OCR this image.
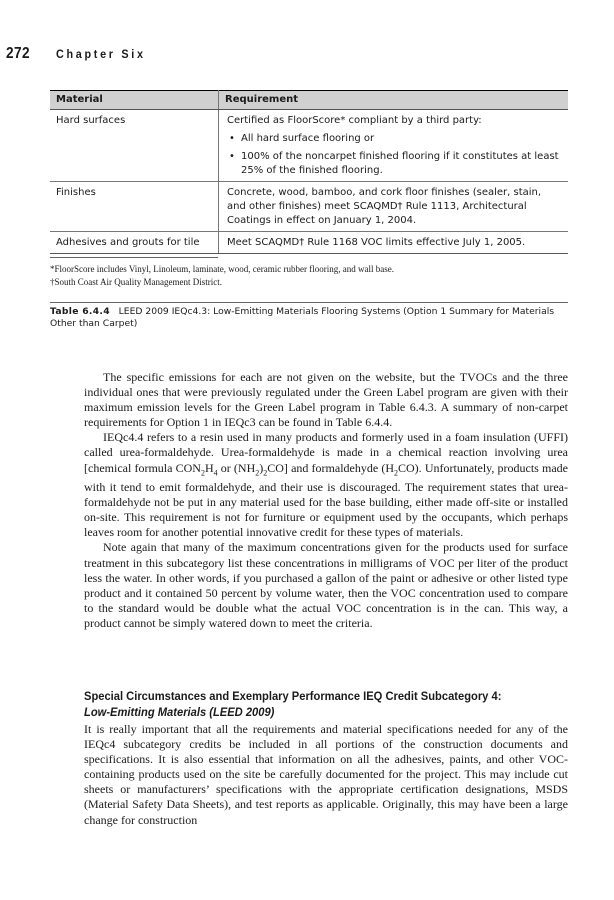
272 Chapter Six
Material	Requirement
Hard surfaces	Certified as FloorScore* compliant by a third party:
• All hard surface flooring or
• 100% of the noncarpet finished flooring if it constitutes at least 25% of the finished flooring.

Finishes	Concrete, wood, bamboo, and cork floor finishes (sealer, stain, and other finishes) meet SCAQMD† Rule 1113, Architectural Coatings in effect on January 1, 2004.
Adhesives and grouts for tile	Meet SCAQMD† Rule 1168 VOC limits effective July 1, 2005.
*FloorScore includes Vinyl, Linoleum, laminate, wood, ceramic rubber flooring, and wall base.
†South Coast Air Quality Management District.
Table 6.4.4 LEED 2009 IEQc4.3: Low-Emitting Materials Flooring Systems (Option 1 Summary for Materials Other than Carpet)

The specific emissions for each are not given on the website, but the TVOCs and the three individual ones that were previously regulated under the Green Label program are given with their maximum emission levels for the Green Label program in Table 6.4.3. A summary of non-carpet requirements for Option 1 in IEQc3 can be found in Table 6.4.4.

IEQc4.4 refers to a resin used in many products and formerly used in a foam insulation (UFFI) called urea-formaldehyde. Urea-formaldehyde is made in a chemical reaction involving urea [chemical formula $CON_2H_4$ or $(NH_2)_2CO$] and formaldehyde $(H_2CO)$. Unfortunately, products made with it tend to emit formaldehyde, and their use is discouraged. The requirement states that urea-formaldehyde not be put in any material used for the base building, either made off-site or installed on-site. This requirement is not for furniture or equipment used by the occupants, which perhaps leaves room for another potential innovative credit for these types of materials.

Note again that many of the maximum concentrations given for the products used for surface treatment in this subcategory list these concentrations in milligrams of VOC per liter of the product less the water. In other words, if you purchased a gallon of the paint or adhesive or other listed type product and it contained 50 percent by volume water, then the VOC concentration used to compare to the standard would be double what the actual VOC concentration is in the can. This way, a product cannot be simply watered down to meet the criteria.

Special Circumstances and Exemplary Performance IEQ Credit Subcategory 4:
Low-Emitting Materials (LEED 2009)

It is really important that all the requirements and material specifications needed for any of the IEQc4 subcategory credits be included in all portions of the construction documents and specifications. It is also essential that information on all the adhesives, paints, and other VOC-containing products used on the site be carefully documented for the project. This may include cut sheets or manufacturers’ specifications with the appropriate certification designations, MSDS (Material Safety Data Sheets), and test reports as applicable. Originally, this may have been a large change for construction
